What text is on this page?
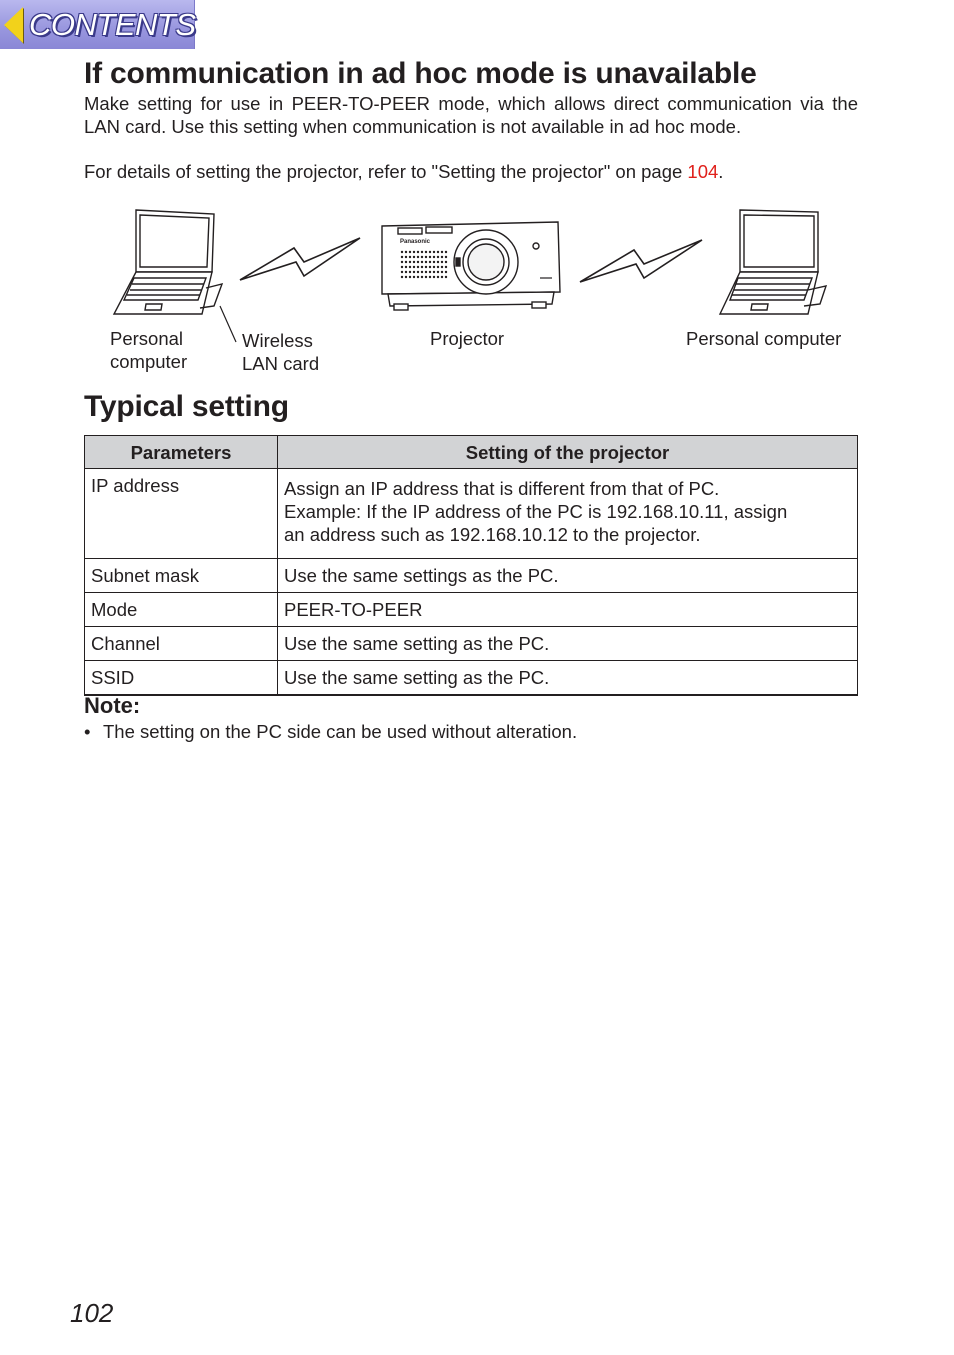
CONTENTS
If communication in ad hoc mode is unavailable

Make setting for use in PEER-TO-PEER mode, which allows direct communication via the LAN card. Use this setting when communication is not available in ad hoc mode.

For details of setting the projector, refer to "Setting the projector" on page 104.

Panasonic
Personal
computer
Wireless
LAN card
Projector	Personal computer
Typical setting
Parameters	Setting of the projector
IP address	Assign an IP address that is different from that of PC.
Example: If the IP address of the PC is 192.168.10.11, assign
an address such as 192.168.10.12 to the projector.

Subnet mask	Use the same settings as the PC.
Mode	PEER-TO-PEER
Channel	Use the same setting as the PC.
SSID	Use the same setting as the PC.

Note:

• The setting on the PC side can be used without alteration.

102
